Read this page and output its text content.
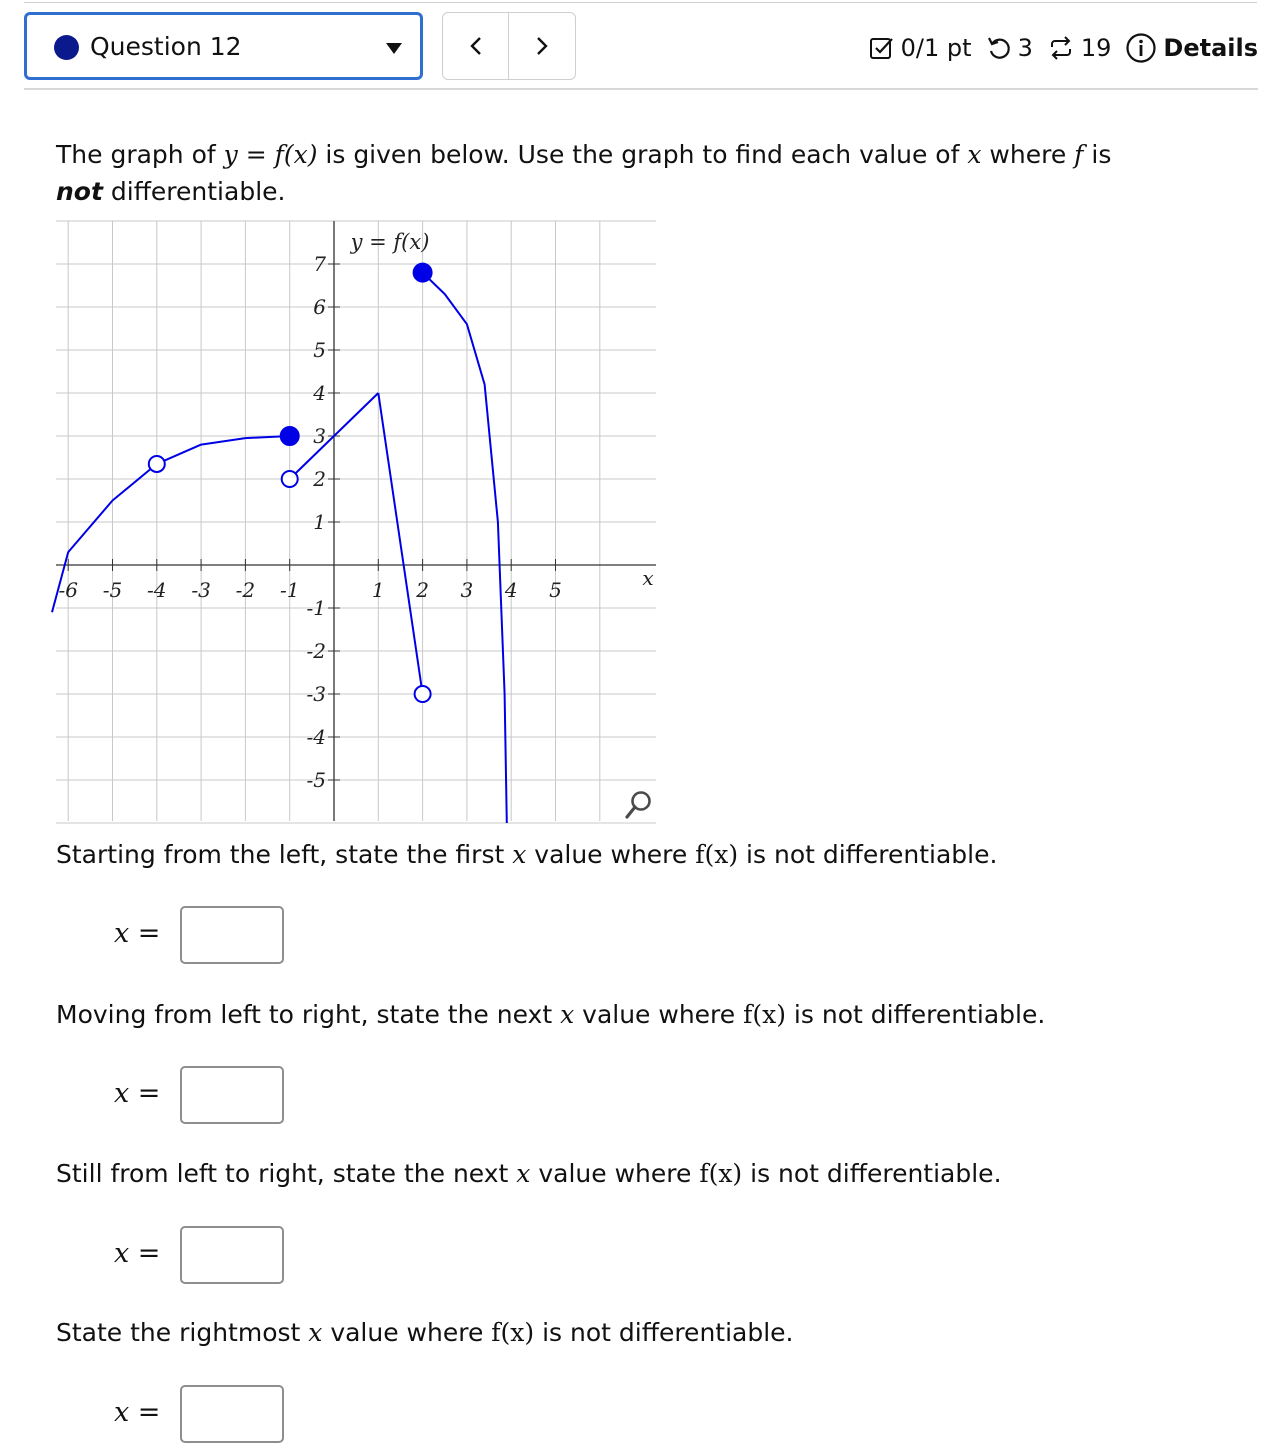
Question 12	0/1 pt 3 19 Details
The graph of y = f(x) is given below. Use the graph to find each value of x where f is
not differentiable.
-6 -5 -4 -3 -2 -1	1 2 3 4 5
7
6
5
4
3
2
1
-1
-2
-3
-4
-5
x
y = f(x)
Starting from the left, state the first x value where f(x) is not differentiable.
x =
Moving from left to right, state the next x value where f(x) is not differentiable.
x =
Still from left to right, state the next x value where f(x) is not differentiable.
x =
State the rightmost x value where f(x) is not differentiable.
x =
